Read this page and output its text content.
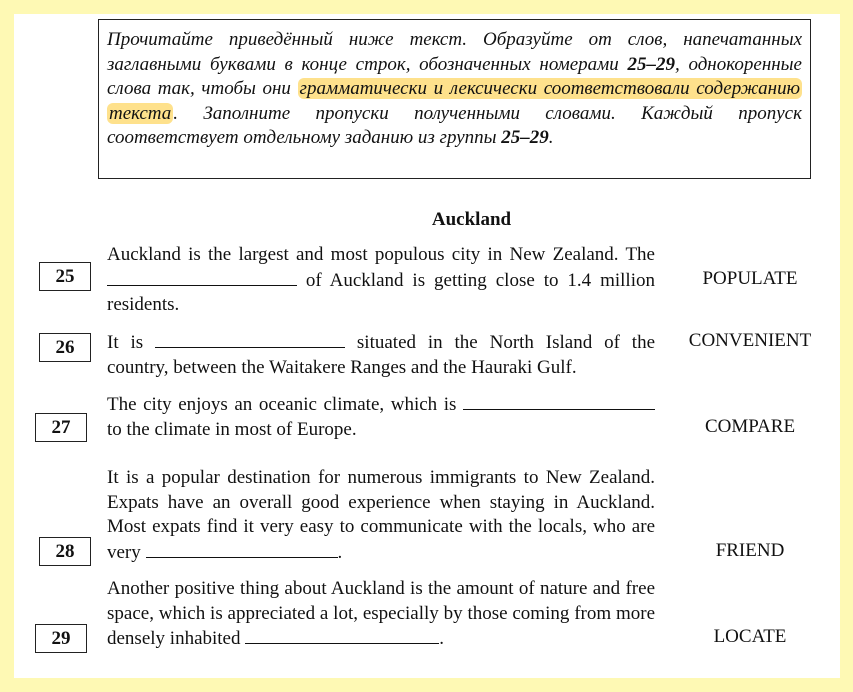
Прочитайте приведённый ниже текст. Образуйте от слов, напечатанных заглавными буквами в конце строк, обозначенных номерами 25–29, однокоренные слова так, чтобы они грамматически и лексически соответствовали содержанию текста . Заполните пропуски полученными словами. Каждый пропуск соответствует отдельному заданию из группы 25–29.
Auckland
25
Auckland is the largest and most populous city in New Zealand. The  of Auckland is getting close to 1.4 million residents.
POPULATE
26	It is	situated in the North Island of the country, between the Waitakere Ranges and the Hauraki Gulf.
CONVENIENT
27
The city enjoys an oceanic climate, which is  to the climate in most of Europe.	COMPARE
28
It is a popular destination for numerous immigrants to New Zealand. Expats have an overall good experience when staying in Auckland. Most expats find it very easy to communicate with the locals, who are very	.	FRIEND
29
Another positive thing about Auckland is the amount of nature and free space, which is appreciated a lot, especially by those coming from more densely inhabited	.	LOCATE
